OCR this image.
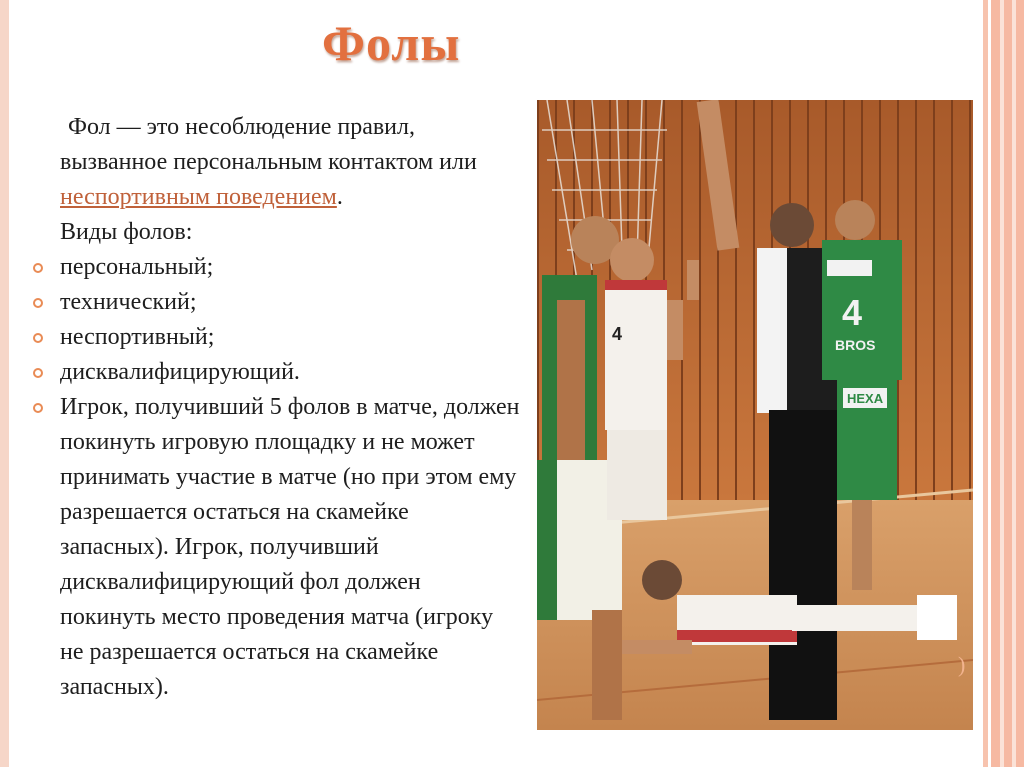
Фолы
Фол — это несоблюдение правил, вызванное персональным контактом или неспортивным поведением.
Виды фолов:
персональный;
технический;
неспортивный;
дисквалифицирующий.
Игрок, получивший 5 фолов в матче, должен покинуть игровую площадку и не может принимать участие в матче (но при этом ему разрешается остаться на скамейке запасных). Игрок, получивший дисквалифицирующий фол должен покинуть место проведения матча (игроку не разрешается остаться на скамейке запасных).
4
4
BROS
HEXA
)
